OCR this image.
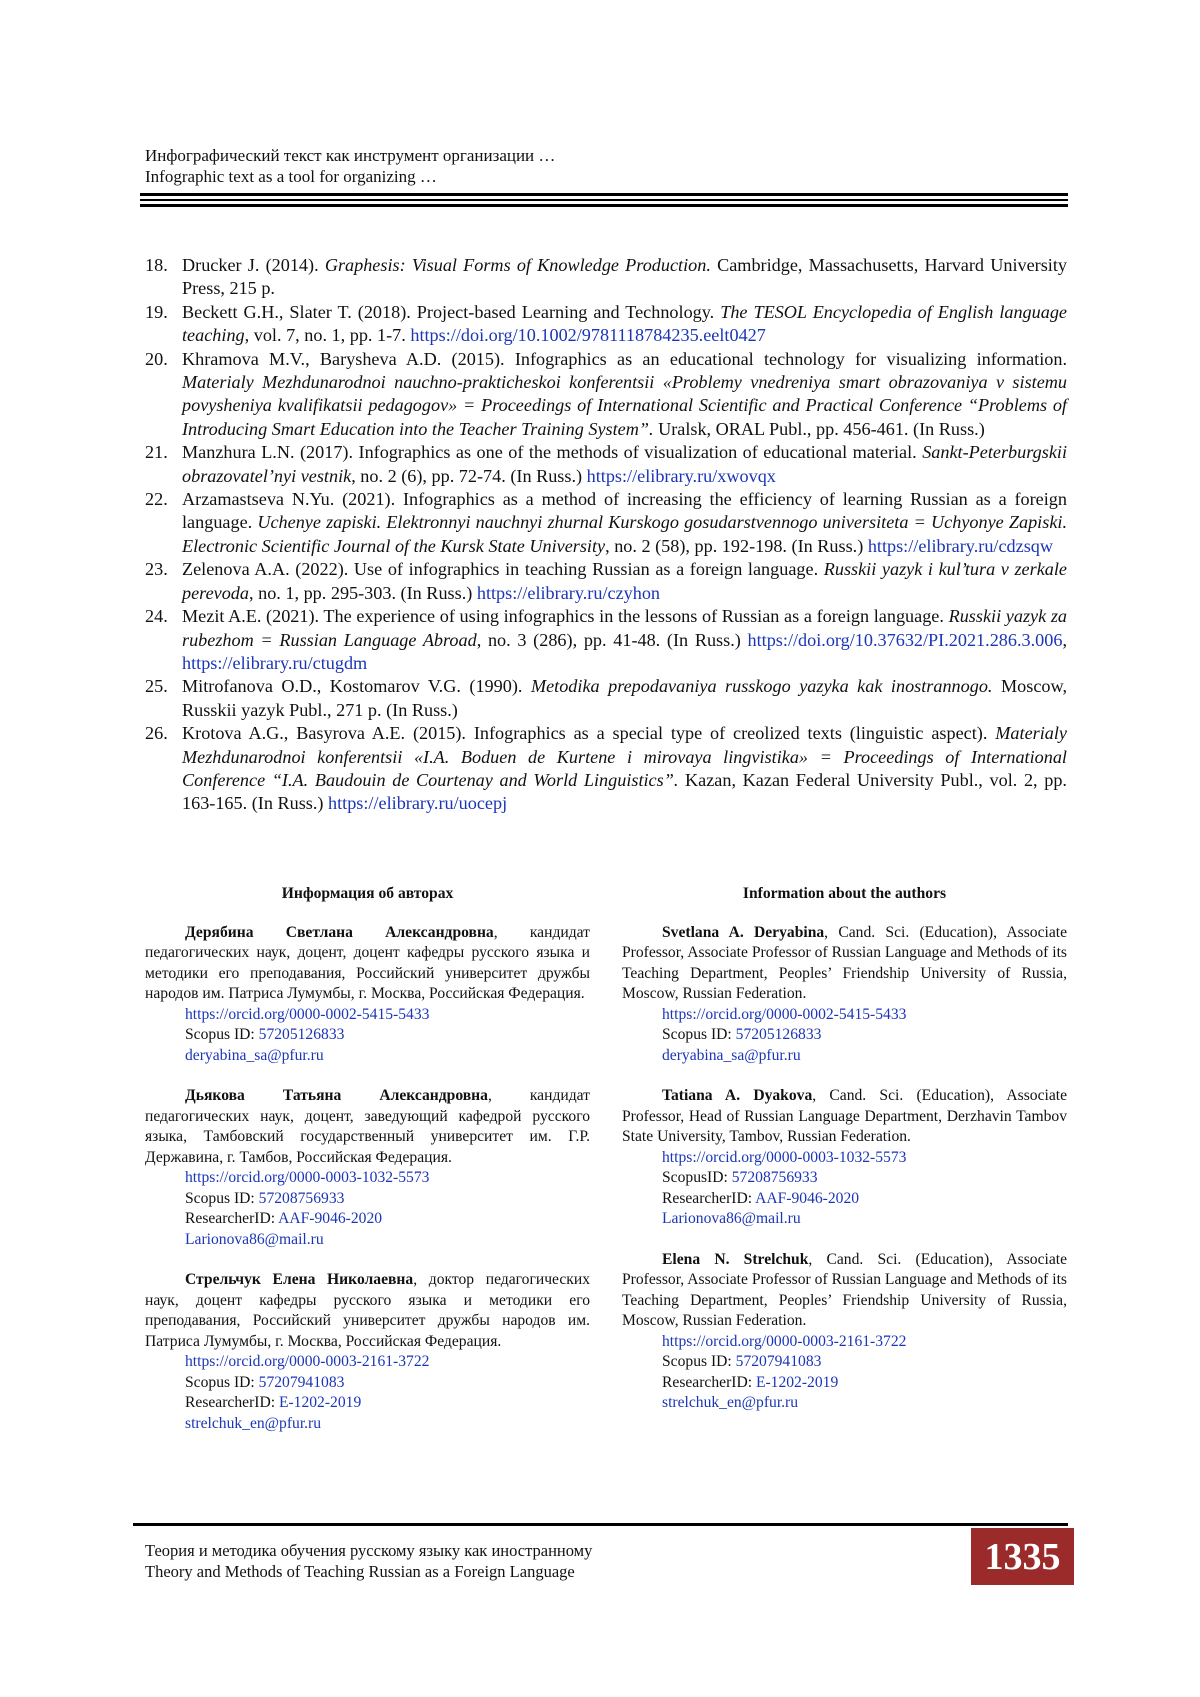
Инфографический текст как инструмент организации …
Infographic text as a tool for organizing …
18. Drucker J. (2014). Graphesis: Visual Forms of Knowledge Production. Cambridge, Massachusetts, Harvard University Press, 215 p.
19. Beckett G.H., Slater T. (2018). Project-based Learning and Technology. The TESOL Encyclopedia of English language teaching, vol. 7, no. 1, pp. 1-7. https://doi.org/10.1002/9781118784235.eelt0427
20. Khramova M.V., Barysheva A.D. (2015). Infographics as an educational technology for visualizing information. Materialy Mezhdunarodnoi nauchno-prakticheskoi konferentsii «Problemy vnedreniya smart obrazovaniya v sistemu povysheniya kvalifikatsii pedagogov» = Proceedings of International Scientific and Practical Conference “Problems of Introducing Smart Education into the Teacher Training System”. Uralsk, ORAL Publ., pp. 456-461. (In Russ.)
21. Manzhura L.N. (2017). Infographics as one of the methods of visualization of educational material. Sankt-Peterburgskii obrazovatel’nyi vestnik, no. 2 (6), pp. 72-74. (In Russ.) https://elibrary.ru/xwovqx
22. Arzamastseva N.Yu. (2021). Infographics as a method of increasing the efficiency of learning Russian as a foreign language. Uchenye zapiski. Elektronnyi nauchnyi zhurnal Kurskogo gosudarstvennogo universiteta = Uchyonye Zapiski. Electronic Scientific Journal of the Kursk State University, no. 2 (58), pp. 192-198. (In Russ.) https://elibrary.ru/cdzsqw
23. Zelenova A.A. (2022). Use of infographics in teaching Russian as a foreign language. Russkii yazyk i kul’tura v zerkale perevoda, no. 1, pp. 295-303. (In Russ.) https://elibrary.ru/czyhon
24. Mezit A.E. (2021). The experience of using infographics in the lessons of Russian as a foreign language. Russkii yazyk za rubezhom = Russian Language Abroad, no. 3 (286), pp. 41-48. (In Russ.) https://doi.org/10.37632/PI.2021.286.3.006, https://elibrary.ru/ctugdm
25. Mitrofanova O.D., Kostomarov V.G. (1990). Metodika prepodavaniya russkogo yazyka kak inostrannogo. Moscow, Russkii yazyk Publ., 271 p. (In Russ.)
26. Krotova A.G., Basyrova A.E. (2015). Infographics as a special type of creolized texts (linguistic aspect). Materialy Mezhdunarodnoi konferentsii «I.A. Boduen de Kurtene i mirovaya lingvistika» = Proceedings of International Conference “I.A. Baudouin de Courtenay and World Linguistics”. Kazan, Kazan Federal University Publ., vol. 2, pp. 163-165. (In Russ.) https://elibrary.ru/uocepj
Информация об авторах
Дерябина Светлана Александровна, кандидат педагогических наук, доцент, доцент кафедры русского языка и методики его преподавания, Российский университет дружбы народов им. Патриса Лумумбы, г. Москва, Российская Федерация.
https://orcid.org/0000-0002-5415-5433
Scopus ID: 57205126833
deryabina_sa@pfur.ru
Дьякова Татьяна Александровна, кандидат педагогических наук, доцент, заведующий кафедрой русского языка, Тамбовский государственный университет им. Г.Р. Державина, г. Тамбов, Российская Федерация.
https://orcid.org/0000-0003-1032-5573
Scopus ID: 57208756933
ResearcherID: AAF-9046-2020
Larionova86@mail.ru
Стрельчук Елена Николаевна, доктор педагогических наук, доцент кафедры русского языка и методики его преподавания, Российский университет дружбы народов им. Патриса Лумумбы, г. Москва, Российская Федерация.
https://orcid.org/0000-0003-2161-3722
Scopus ID: 57207941083
ResearcherID: E-1202-2019
strelchuk_en@pfur.ru
Information about the authors
Svetlana A. Deryabina, Cand. Sci. (Education), Associate Professor, Associate Professor of Russian Language and Methods of its Teaching Department, Peoples’ Friendship University of Russia, Moscow, Russian Federation.
https://orcid.org/0000-0002-5415-5433
Scopus ID: 57205126833
deryabina_sa@pfur.ru
Tatiana A. Dyakova, Cand. Sci. (Education), Associate Professor, Head of Russian Language Department, Derzhavin Tambov State University, Tambov, Russian Federation.
https://orcid.org/0000-0003-1032-5573
ScopusID: 57208756933
ResearcherID: AAF-9046-2020
Larionova86@mail.ru
Elena N. Strelchuk, Cand. Sci. (Education), Associate Professor, Associate Professor of Russian Language and Methods of its Teaching Department, Peoples’ Friendship University of Russia, Moscow, Russian Federation.
https://orcid.org/0000-0003-2161-3722
Scopus ID: 57207941083
ResearcherID: E-1202-2019
strelchuk_en@pfur.ru
Теория и методика обучения русскому языку как иностранному
Theory and Methods of Teaching Russian as a Foreign Language	1335
